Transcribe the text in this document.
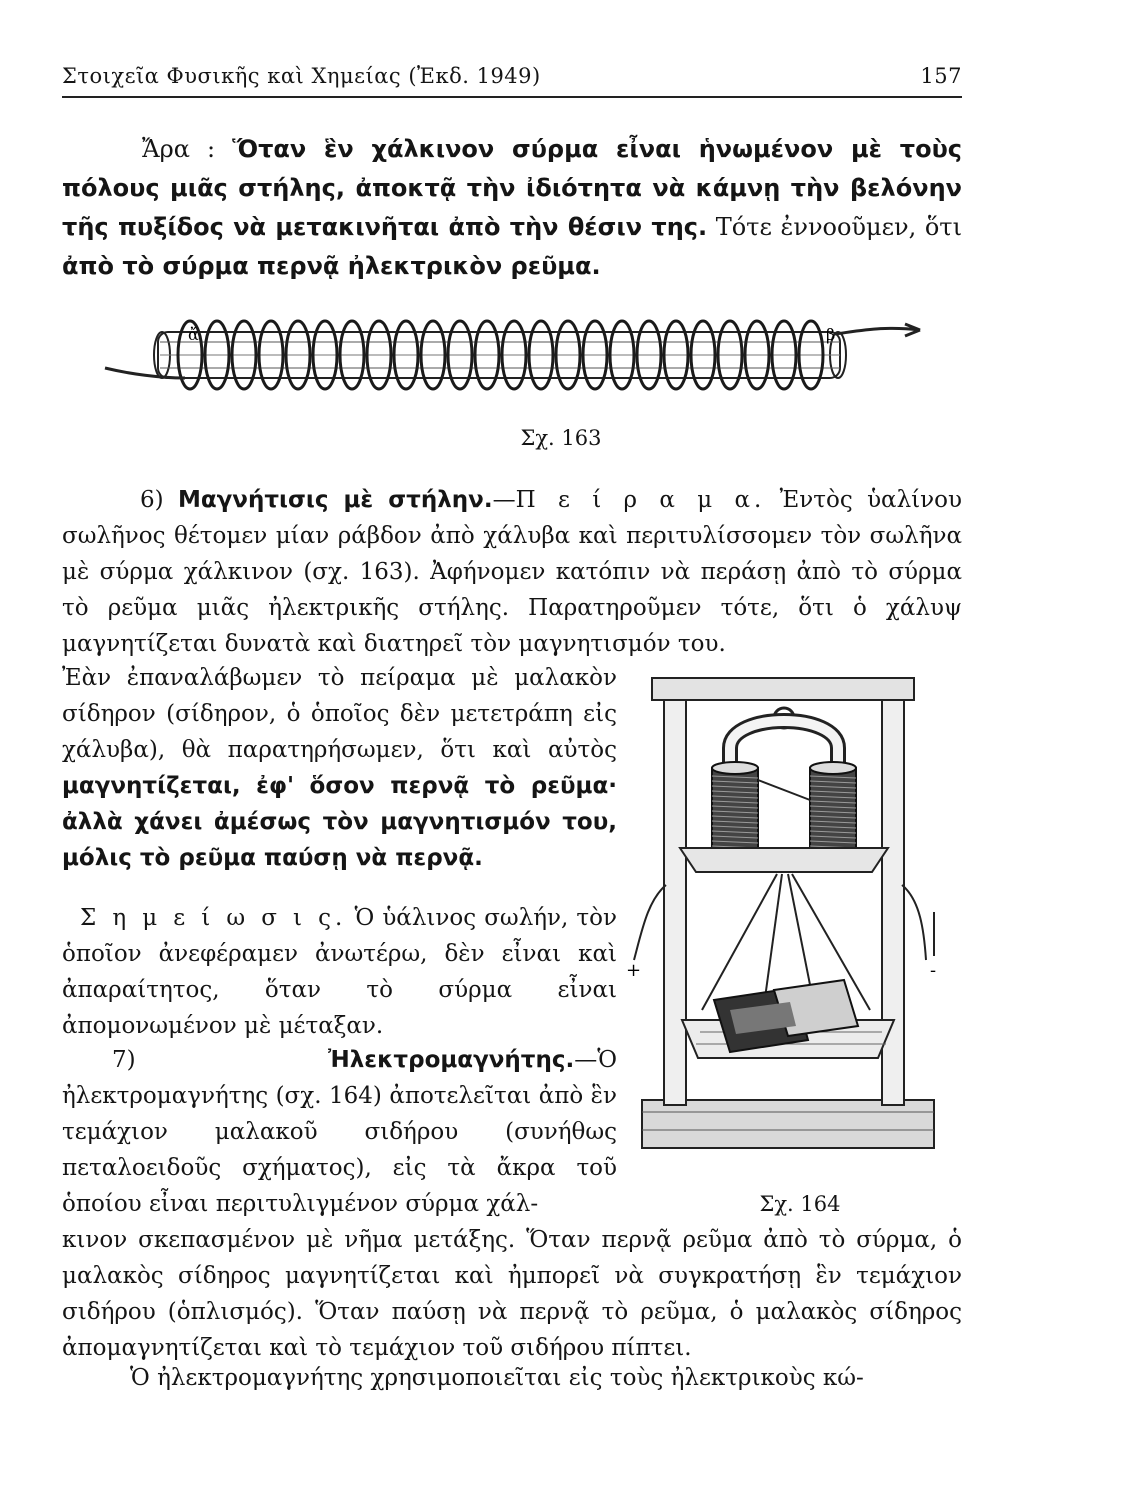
Στοιχεῖα Φυσικῆς καὶ Χημείας (Ἐκδ. 1949)	157

Ἄρα : Ὅταν ἓν χάλκινον σύρμα εἶναι ἡνωμένον μὲ τοὺς πόλους μιᾶς στήλης, ἀποκτᾷ τὴν ἰδιότητα νὰ κάμνῃ τὴν βελόνην τῆς πυξίδος νὰ μετακινῆται ἀπὸ τὴν θέσιν της. Τότε ἐννοοῦμεν, ὅτι ἀπὸ τὸ σύρμα περνᾷ ἠλεκτρικὸν ρεῦμα.

ἄ	β
Σχ. 163

6) Μαγνήτισις μὲ στήλην.—Π ε ί ρ α μ α. Ἐντὸς ὑαλίνου σωλῆνος θέτομεν μίαν ράβδον ἀπὸ χάλυβα καὶ περιτυλίσσομεν τὸν σωλῆνα μὲ σύρμα χάλκινον (σχ. 163). Ἀφήνομεν κατόπιν νὰ περάσῃ ἀπὸ τὸ σύρμα τὸ ρεῦμα μιᾶς ἠλεκτρικῆς στήλης. Παρατηροῦμεν τότε, ὅτι ὁ χάλυψ μαγνητίζεται δυνατὰ καὶ διατηρεῖ τὸν μαγνητισμόν του.

Ἐὰν ἐπαναλάβωμεν τὸ πείραμα μὲ μαλακὸν σίδηρον (σίδηρον, ὁ ὁποῖος δὲν μετετράπη εἰς χάλυβα), θὰ παρατηρήσωμεν, ὅτι καὶ αὐτὸς μαγνητίζεται, ἐφ' ὅσον περνᾷ τὸ ρεῦμα· ἀλλὰ χάνει ἀμέσως τὸν μαγνητισμόν του, μόλις τὸ ρεῦμα παύσῃ νὰ περνᾷ.

Σ η μ ε ί ω σ ι ς. Ὁ ὑάλινος σωλήν, τὸν ὁποῖον ἀνεφέραμεν ἀνωτέρω, δὲν εἶναι καὶ ἀπαραίτητος, ὅταν τὸ σύρμα εἶναι ἀπομονωμένον μὲ μέταξαν.

7) Ἠλεκτρομαγνήτης.—Ὁ ἠλεκτρομαγνήτης (σχ. 164) ἀποτελεῖται ἀπὸ ἓν τεμάχιον μαλακοῦ σιδήρου (συνήθως πεταλοειδοῦς σχήματος), εἰς τὰ ἄκρα τοῦ ὁποίου εἶναι περιτυλιγμένον σύρμα χάλ-

+	-
Σχ. 164

κινον σκεπασμένον μὲ νῆμα μετάξης. Ὅταν περνᾷ ρεῦμα ἀπὸ τὸ σύρμα, ὁ μαλακὸς σίδηρος μαγνητίζεται καὶ ἠμπορεῖ νὰ συγκρατήσῃ ἓν τεμάχιον σιδήρου (ὁπλισμός). Ὅταν παύσῃ νὰ περνᾷ τὸ ρεῦμα, ὁ μαλακὸς σίδηρος ἀπομαγνητίζεται καὶ τὸ τεμάχιον τοῦ σιδήρου πίπτει.

Ὁ ἠλεκτρομαγνήτης χρησιμοποιεῖται εἰς τοὺς ἠλεκτρικοὺς κώ-
